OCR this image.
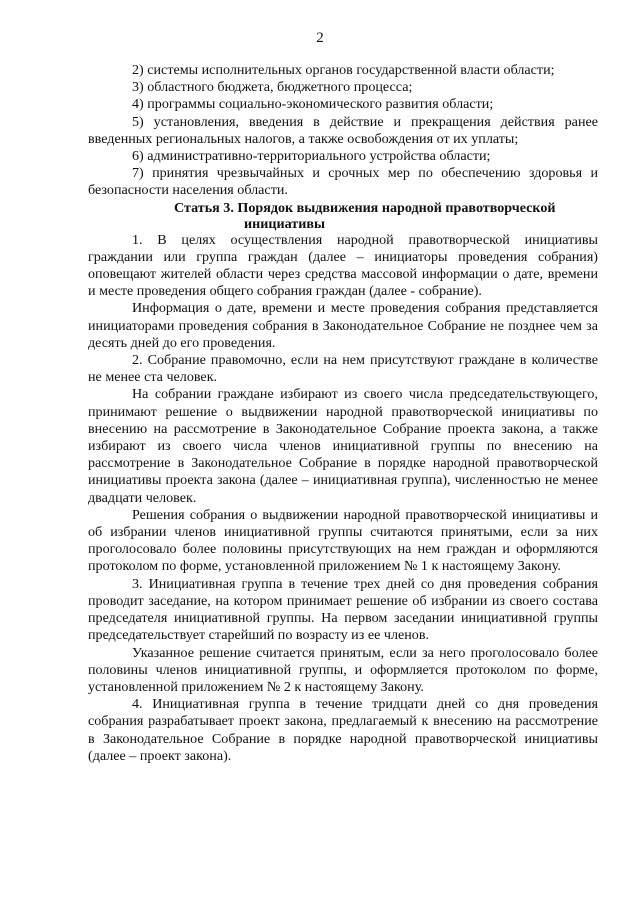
2

2) системы исполнительных органов государственной власти области;

3) областного бюджета, бюджетного процесса;

4) программы социально-экономического развития области;

5) установления, введения в действие и прекращения действия ранее введенных региональных налогов, а также освобождения от их уплаты;

6) административно-территориального устройства области;

7) принятия чрезвычайных и срочных мер по обеспечению здоровья и безопасности населения области.

Статья 3. Порядок выдвижения народной правотворческой
инициативы

1. В целях осуществления народной правотворческой инициативы граждании или группа граждан (далее – инициаторы проведения собрания) оповещают жителей области через средства массовой информации о дате, времени и месте проведения общего собрания граждан (далее - собрание).

Информация о дате, времени и месте проведения собрания представляется инициаторами проведения собрания в Законодательное Собрание не позднее чем за десять дней до его проведения.

2. Собрание правомочно, если на нем присутствуют граждане в количестве не менее ста человек.

На собрании граждане избирают из своего числа председательствующего, принимают решение о выдвижении народной правотворческой инициативы по внесению на рассмотрение в Законодательное Собрание проекта закона, а также избирают из своего числа членов инициативной группы по внесению на рассмотрение в Законодательное Собрание в порядке народной правотворческой инициативы проекта закона (далее – инициативная группа), численностью не менее двадцати человек.

Решения собрания о выдвижении народной правотворческой инициативы и об избрании членов инициативной группы считаются принятыми, если за них проголосовало более половины присутствующих на нем граждан и оформляются протоколом по форме, установленной приложением № 1 к настоящему Закону.

3. Инициативная группа в течение трех дней со дня проведения собрания проводит заседание, на котором принимает решение об избрании из своего состава председателя инициативной группы. На первом заседании инициативной группы председательствует старейший по возрасту из ее членов.

Указанное решение считается принятым, если за него проголосовало более половины членов инициативной группы, и оформляется протоколом по форме, установленной приложением № 2 к настоящему Закону.

4. Инициативная группа в течение тридцати дней со дня проведения собрания разрабатывает проект закона, предлагаемый к внесению на рассмотрение в Законодательное Собрание в порядке народной правотворческой инициативы (далее – проект закона).
